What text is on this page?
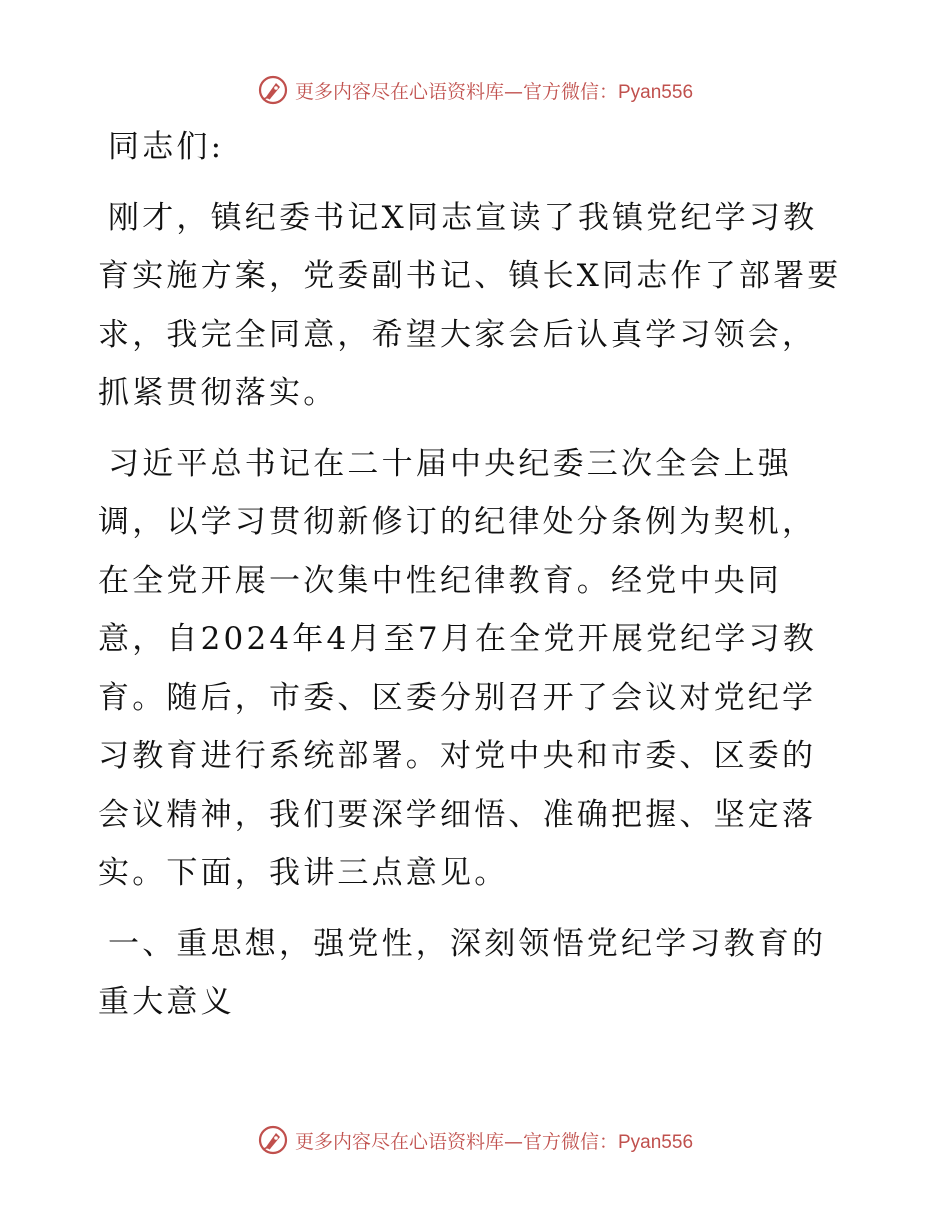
更多内容尽在心语资料库—官方微信：Pyan556

同志们:

刚才，镇纪委书记X同志宣读了我镇党纪学习教育实施方案，党委副书记、镇长X同志作了部署要求，我完全同意，希望大家会后认真学习领会，抓紧贯彻落实。

习近平总书记在二十届中央纪委三次全会上强调，以学习贯彻新修订的纪律处分条例为契机，在全党开展一次集中性纪律教育。经党中央同意，自2024年4月至7月在全党开展党纪学习教育。随后，市委、区委分别召开了会议对党纪学习教育进行系统部署。对党中央和市委、区委的会议精神，我们要深学细悟、准确把握、坚定落实。下面，我讲三点意见。

一、重思想，强党性，深刻领悟党纪学习教育的重大意义

更多内容尽在心语资料库—官方微信：Pyan556
